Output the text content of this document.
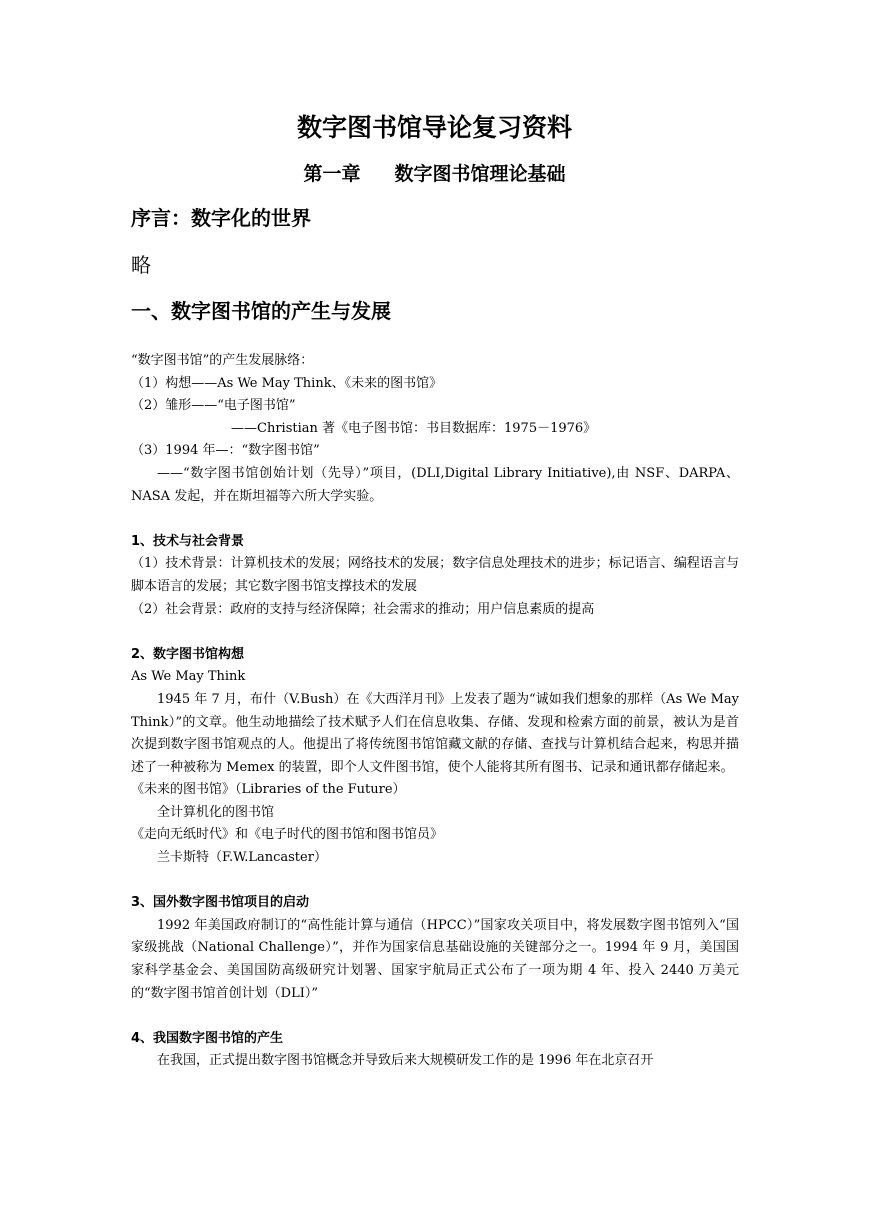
数字图书馆导论复习资料
第一章 数字图书馆理论基础
序言：数字化的世界
略
一、数字图书馆的产生与发展

“数字图书馆”的产生发展脉络：

（1）构想——As We May Think、《未来的图书馆》

（2）雏形——“电子图书馆”

——Christian 著《电子图书馆：书目数据库：1975－1976》

（3）1994 年—：“数字图书馆”

——“数字图书馆创始计划（先导）”项目，(DLI,Digital Library Initiative),由 NSF、DARPA、NASA 发起，并在斯坦福等六所大学实验。

1、技术与社会背景

（1）技术背景：计算机技术的发展；网络技术的发展；数字信息处理技术的进步；标记语言、编程语言与脚本语言的发展；其它数字图书馆支撑技术的发展

（2）社会背景：政府的支持与经济保障；社会需求的推动；用户信息素质的提高

2、数字图书馆构想

As We May Think

1945 年 7 月，布什（V.Bush）在《大西洋月刊》上发表了题为“诚如我们想象的那样（As We May Think）”的文章。他生动地描绘了技术赋予人们在信息收集、存储、发现和检索方面的前景，被认为是首次提到数字图书馆观点的人。他提出了将传统图书馆馆藏文献的存储、查找与计算机结合起来，构思并描述了一种被称为 Memex 的装置，即个人文件图书馆，使个人能将其所有图书、记录和通讯都存储起来。

《未来的图书馆》（Libraries of the Future）

全计算机化的图书馆

《走向无纸时代》和《电子时代的图书馆和图书馆员》

兰卡斯特（F.W.Lancaster）

3、国外数字图书馆项目的启动

1992 年美国政府制订的“高性能计算与通信（HPCC）”国家攻关项目中，将发展数字图书馆列入“国家级挑战（National Challenge）”，并作为国家信息基础设施的关键部分之一。1994 年 9 月，美国国家科学基金会、美国国防高级研究计划署、国家宇航局正式公布了一项为期 4 年、投入 2440 万美元的“数字图书馆首创计划（DLI）”

4、我国数字图书馆的产生

在我国，正式提出数字图书馆概念并导致后来大规模研发工作的是 1996 年在北京召开
